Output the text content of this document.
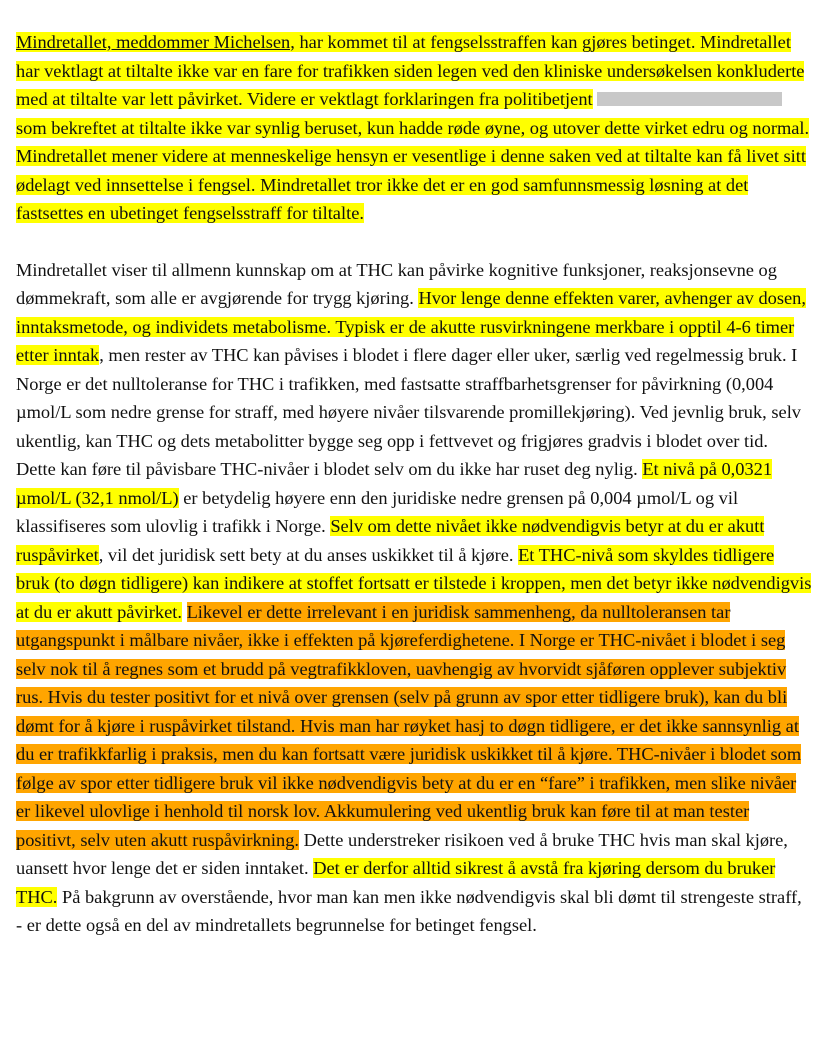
Mindretallet, meddommer Michelsen, har kommet til at fengselsstraffen kan gjøres betinget. Mindretallet har vektlagt at tiltalte ikke var en fare for trafikken siden legen ved den kliniske undersøkelsen konkluderte med at tiltalte var lett påvirket. Videre er vektlagt forklaringen fra politibetjentsom bekreftet at tiltalte ikke var synlig beruset, kun hadde røde øyne, og utover dette virket edru og normal. Mindretallet mener videre at menneskelige hensyn er vesentlige i denne saken ved at tiltalte kan få livet sitt ødelagt ved innsettelse i fengsel. Mindretallet tror ikke det er en god samfunnsmessig løsning at det fastsettes en ubetinget fengselsstraff for tiltalte.

Mindretallet viser til allmenn kunnskap om at THC kan påvirke kognitive funksjoner, reaksjonsevne og dømmekraft, som alle er avgjørende for trygg kjøring. Hvor lenge denne effekten varer, avhenger av dosen, inntaksmetode, og individets metabolisme. Typisk er de akutte rusvirkningene merkbare i opptil 4-6 timer etter inntak, men rester av THC kan påvises i blodet i flere dager eller uker, særlig ved regelmessig bruk. I Norge er det nulltoleranse for THC i trafikken, med fastsatte straffbarhetsgrenser for påvirkning (0,004 µmol/L som nedre grense for straff, med høyere nivåer tilsvarende promillekjøring). Ved jevnlig bruk, selv ukentlig, kan THC og dets metabolitter bygge seg opp i fettvevet og frigjøres gradvis i blodet over tid. Dette kan føre til påvisbare THC-nivåer i blodet selv om du ikke har ruset deg nylig. Et nivå på 0,0321 µmol/L (32,1 nmol/L) er betydelig høyere enn den juridiske nedre grensen på 0,004 µmol/L og vil klassifiseres som ulovlig i trafikk i Norge. Selv om dette nivået ikke nødvendigvis betyr at du er akutt ruspåvirket, vil det juridisk sett bety at du anses uskikket til å kjøre. Et THC-nivå som skyldes tidligere bruk (to døgn tidligere) kan indikere at stoffet fortsatt er tilstede i kroppen, men det betyr ikke nødvendigvis at du er akutt påvirket. Likevel er dette irrelevant i en juridisk sammenheng, da nulltoleransen tar utgangspunkt i målbare nivåer, ikke i effekten på kjøreferdighetene. I Norge er THC-nivået i blodet i seg selv nok til å regnes som et brudd på vegtrafikkloven, uavhengig av hvorvidt sjåføren opplever subjektiv rus. Hvis du tester positivt for et nivå over grensen (selv på grunn av spor etter tidligere bruk), kan du bli dømt for å kjøre i ruspåvirket tilstand. Hvis man har røyket hasj to døgn tidligere, er det ikke sannsynlig at du er trafikkfarlig i praksis, men du kan fortsatt være juridisk uskikket til å kjøre. THC-nivåer i blodet som følge av spor etter tidligere bruk vil ikke nødvendigvis bety at du er en “fare” i trafikken, men slike nivåer er likevel ulovlige i henhold til norsk lov. Akkumulering ved ukentlig bruk kan føre til at man tester positivt, selv uten akutt ruspåvirkning. Dette understreker risikoen ved å bruke THC hvis man skal kjøre, uansett hvor lenge det er siden inntaket. Det er derfor alltid sikrest å avstå fra kjøring dersom du bruker THC. På bakgrunn av overstående, hvor man kan men ikke nødvendigvis skal bli dømt til strengeste straff, - er dette også en del av mindretallets begrunnelse for betinget fengsel.
